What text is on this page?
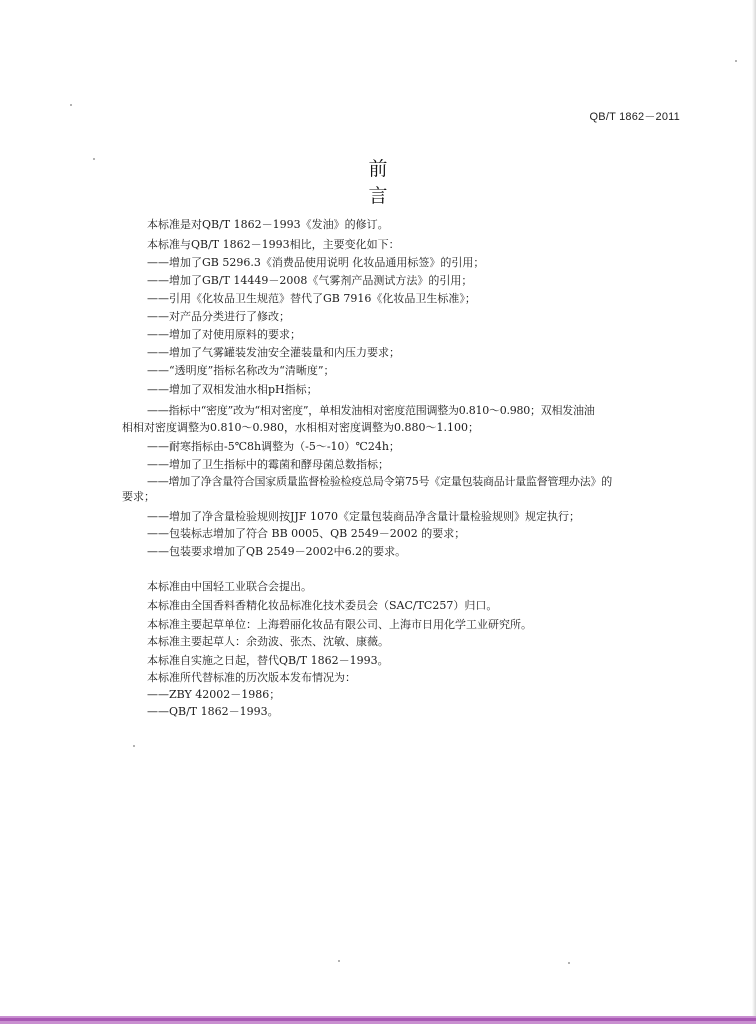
QB/T 1862－2011
前　言
本标准是对QB/T 1862－1993《发油》的修订。
本标准与QB/T 1862－1993相比，主要变化如下：
——增加了GB 5296.3《消费品使用说明 化妆品通用标签》的引用；
——增加了GB/T 14449－2008《气雾剂产品测试方法》的引用；
——引用《化妆品卫生规范》替代了GB 7916《化妆品卫生标准》；
——对产品分类进行了修改；
——增加了对使用原料的要求；
——增加了气雾罐装发油安全灌装量和内压力要求；
——“透明度”指标名称改为“清晰度”；
——增加了双相发油水相pH指标；
——指标中“密度”改为“相对密度”，单相发油相对密度范围调整为0.810～0.980；双相发油油
相相对密度调整为0.810～0.980，水相相对密度调整为0.880～1.100；
——耐寒指标由-5℃8h调整为（-5～-10）℃24h；
——增加了卫生指标中的霉菌和酵母菌总数指标；
——增加了净含量符合国家质量监督检验检疫总局令第75号《定量包装商品计量监督管理办法》的
要求；
——增加了净含量检验规则按JJF 1070《定量包装商品净含量计量检验规则》规定执行；
——包装标志增加了符合 BB 0005、QB 2549－2002 的要求；
——包装要求增加了QB 2549－2002中6.2的要求。
本标准由中国轻工业联合会提出。
本标准由全国香料香精化妆品标准化技术委员会（SAC/TC257）归口。
本标准主要起草单位：上海碧丽化妆品有限公司、上海市日用化学工业研究所。
本标准主要起草人：余劲波、张杰、沈敏、康薇。
本标准自实施之日起，替代QB/T 1862－1993。
本标准所代替标准的历次版本发布情况为：
——ZBY 42002－1986；
——QB/T 1862－1993。
